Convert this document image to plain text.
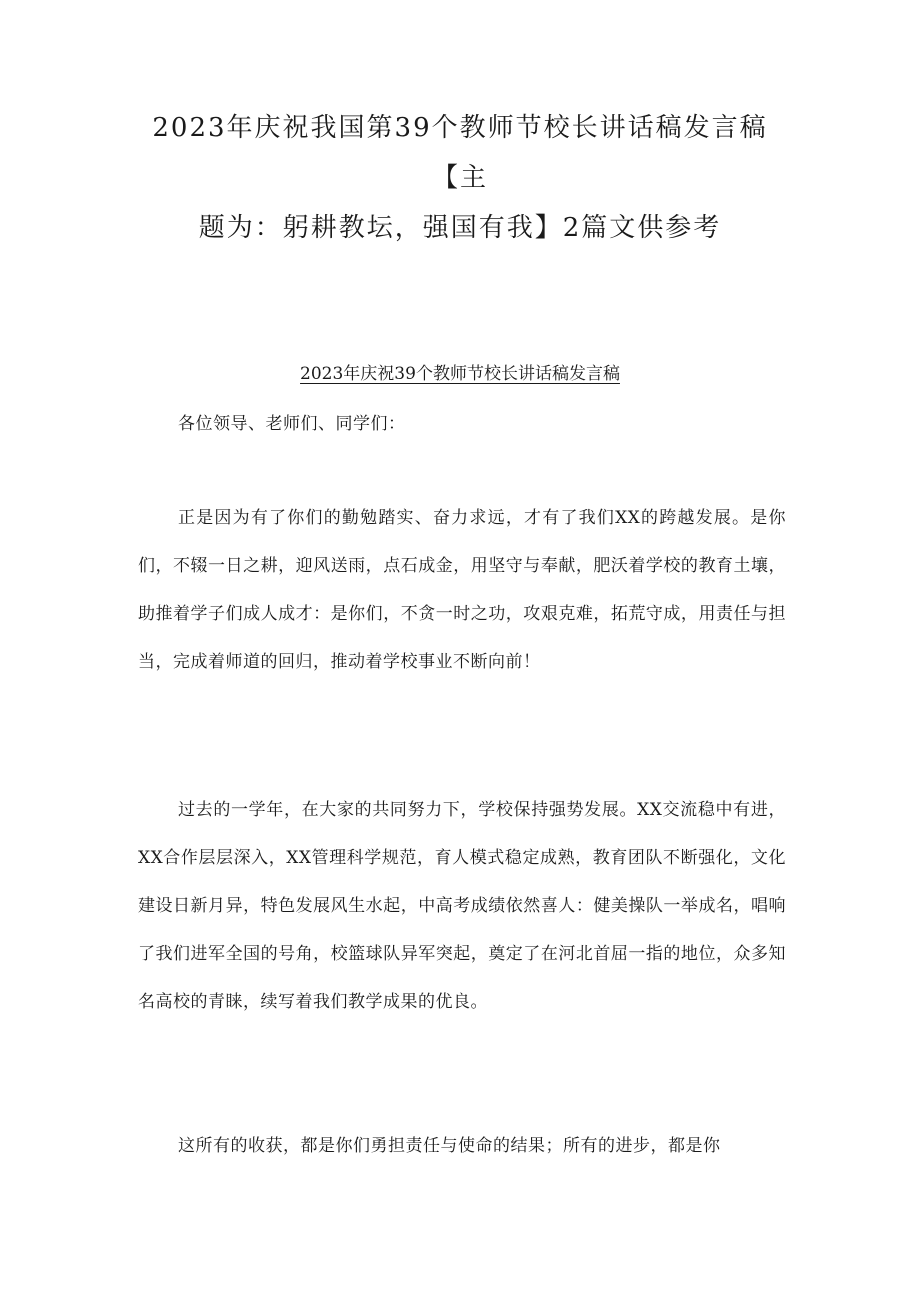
2023年庆祝我国第39个教师节校长讲话稿发言稿
【主
题为：躬耕教坛，强国有我】2篇文供参考
2023年庆祝39个教师节校长讲话稿发言稿

各位领导、老师们、同学们：

正是因为有了你们的勤勉踏实、奋力求远，才有了我们XX的跨越发展。是你们，不辍一日之耕，迎风送雨，点石成金，用坚守与奉献，肥沃着学校的教育土壤，助推着学子们成人成才：是你们，不贪一时之功，攻艰克难，拓荒守成，用责任与担当，完成着师道的回归，推动着学校事业不断向前！

过去的一学年，在大家的共同努力下，学校保持强势发展。XX交流稳中有进，XX合作层层深入，XX管理科学规范，育人模式稳定成熟，教育团队不断强化，文化建设日新月异，特色发展风生水起，中高考成绩依然喜人：健美操队一举成名，唱响了我们进军全国的号角，校篮球队异军突起，奠定了在河北首屈一指的地位，众多知名高校的青睐，续写着我们教学成果的优良。

这所有的收获，都是你们勇担责任与使命的结果；所有的进步，都是你
